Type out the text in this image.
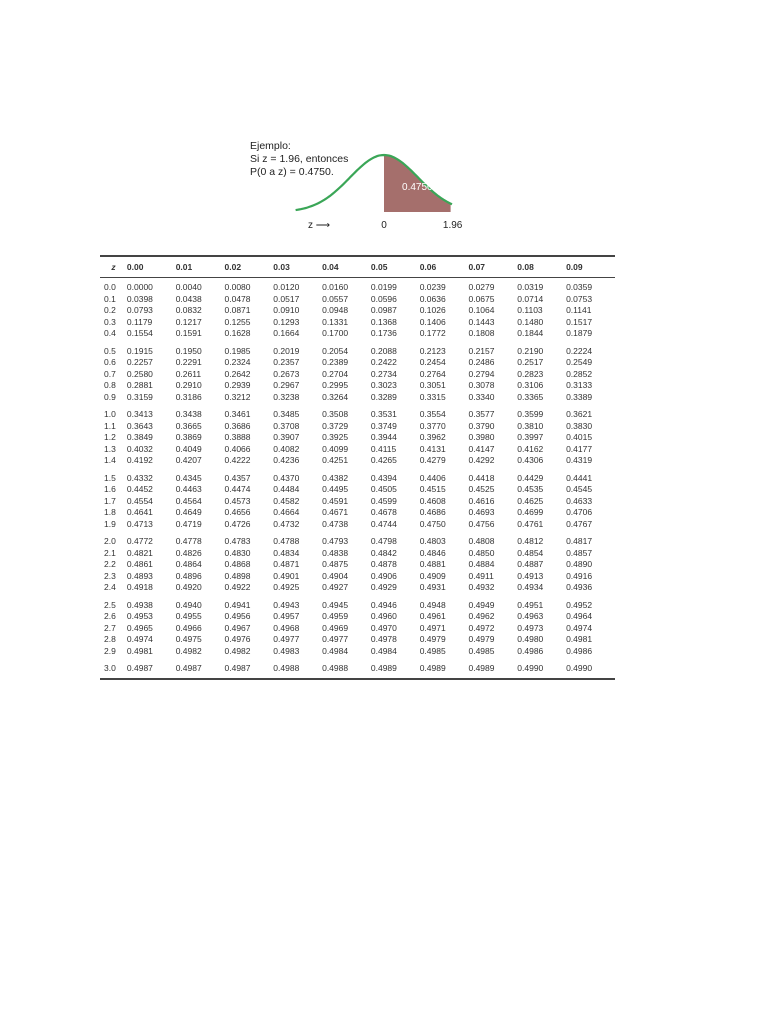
Ejemplo:
Si z = 1.96, entonces
P(0 a z) = 0.4750.
0.4750
z ⟶	0	1.96
z	0.00	0.01	0.02	0.03	0.04	0.05	0.06	0.07	0.08	0.09
0.0	0.0000	0.0040	0.0080	0.0120	0.0160	0.0199	0.0239	0.0279	0.0319	0.0359
0.1	0.0398	0.0438	0.0478	0.0517	0.0557	0.0596	0.0636	0.0675	0.0714	0.0753
0.2	0.0793	0.0832	0.0871	0.0910	0.0948	0.0987	0.1026	0.1064	0.1103	0.1141
0.3	0.1179	0.1217	0.1255	0.1293	0.1331	0.1368	0.1406	0.1443	0.1480	0.1517
0.4	0.1554	0.1591	0.1628	0.1664	0.1700	0.1736	0.1772	0.1808	0.1844	0.1879

0.5	0.1915	0.1950	0.1985	0.2019	0.2054	0.2088	0.2123	0.2157	0.2190	0.2224
0.6	0.2257	0.2291	0.2324	0.2357	0.2389	0.2422	0.2454	0.2486	0.2517	0.2549
0.7	0.2580	0.2611	0.2642	0.2673	0.2704	0.2734	0.2764	0.2794	0.2823	0.2852
0.8	0.2881	0.2910	0.2939	0.2967	0.2995	0.3023	0.3051	0.3078	0.3106	0.3133
0.9	0.3159	0.3186	0.3212	0.3238	0.3264	0.3289	0.3315	0.3340	0.3365	0.3389

1.0	0.3413	0.3438	0.3461	0.3485	0.3508	0.3531	0.3554	0.3577	0.3599	0.3621
1.1	0.3643	0.3665	0.3686	0.3708	0.3729	0.3749	0.3770	0.3790	0.3810	0.3830
1.2	0.3849	0.3869	0.3888	0.3907	0.3925	0.3944	0.3962	0.3980	0.3997	0.4015
1.3	0.4032	0.4049	0.4066	0.4082	0.4099	0.4115	0.4131	0.4147	0.4162	0.4177
1.4	0.4192	0.4207	0.4222	0.4236	0.4251	0.4265	0.4279	0.4292	0.4306	0.4319

1.5	0.4332	0.4345	0.4357	0.4370	0.4382	0.4394	0.4406	0.4418	0.4429	0.4441
1.6	0.4452	0.4463	0.4474	0.4484	0.4495	0.4505	0.4515	0.4525	0.4535	0.4545
1.7	0.4554	0.4564	0.4573	0.4582	0.4591	0.4599	0.4608	0.4616	0.4625	0.4633
1.8	0.4641	0.4649	0.4656	0.4664	0.4671	0.4678	0.4686	0.4693	0.4699	0.4706
1.9	0.4713	0.4719	0.4726	0.4732	0.4738	0.4744	0.4750	0.4756	0.4761	0.4767

2.0	0.4772	0.4778	0.4783	0.4788	0.4793	0.4798	0.4803	0.4808	0.4812	0.4817
2.1	0.4821	0.4826	0.4830	0.4834	0.4838	0.4842	0.4846	0.4850	0.4854	0.4857
2.2	0.4861	0.4864	0.4868	0.4871	0.4875	0.4878	0.4881	0.4884	0.4887	0.4890
2.3	0.4893	0.4896	0.4898	0.4901	0.4904	0.4906	0.4909	0.4911	0.4913	0.4916
2.4	0.4918	0.4920	0.4922	0.4925	0.4927	0.4929	0.4931	0.4932	0.4934	0.4936

2.5	0.4938	0.4940	0.4941	0.4943	0.4945	0.4946	0.4948	0.4949	0.4951	0.4952
2.6	0.4953	0.4955	0.4956	0.4957	0.4959	0.4960	0.4961	0.4962	0.4963	0.4964
2.7	0.4965	0.4966	0.4967	0.4968	0.4969	0.4970	0.4971	0.4972	0.4973	0.4974
2.8	0.4974	0.4975	0.4976	0.4977	0.4977	0.4978	0.4979	0.4979	0.4980	0.4981
2.9	0.4981	0.4982	0.4982	0.4983	0.4984	0.4984	0.4985	0.4985	0.4986	0.4986

3.0	0.4987	0.4987	0.4987	0.4988	0.4988	0.4989	0.4989	0.4989	0.4990	0.4990
